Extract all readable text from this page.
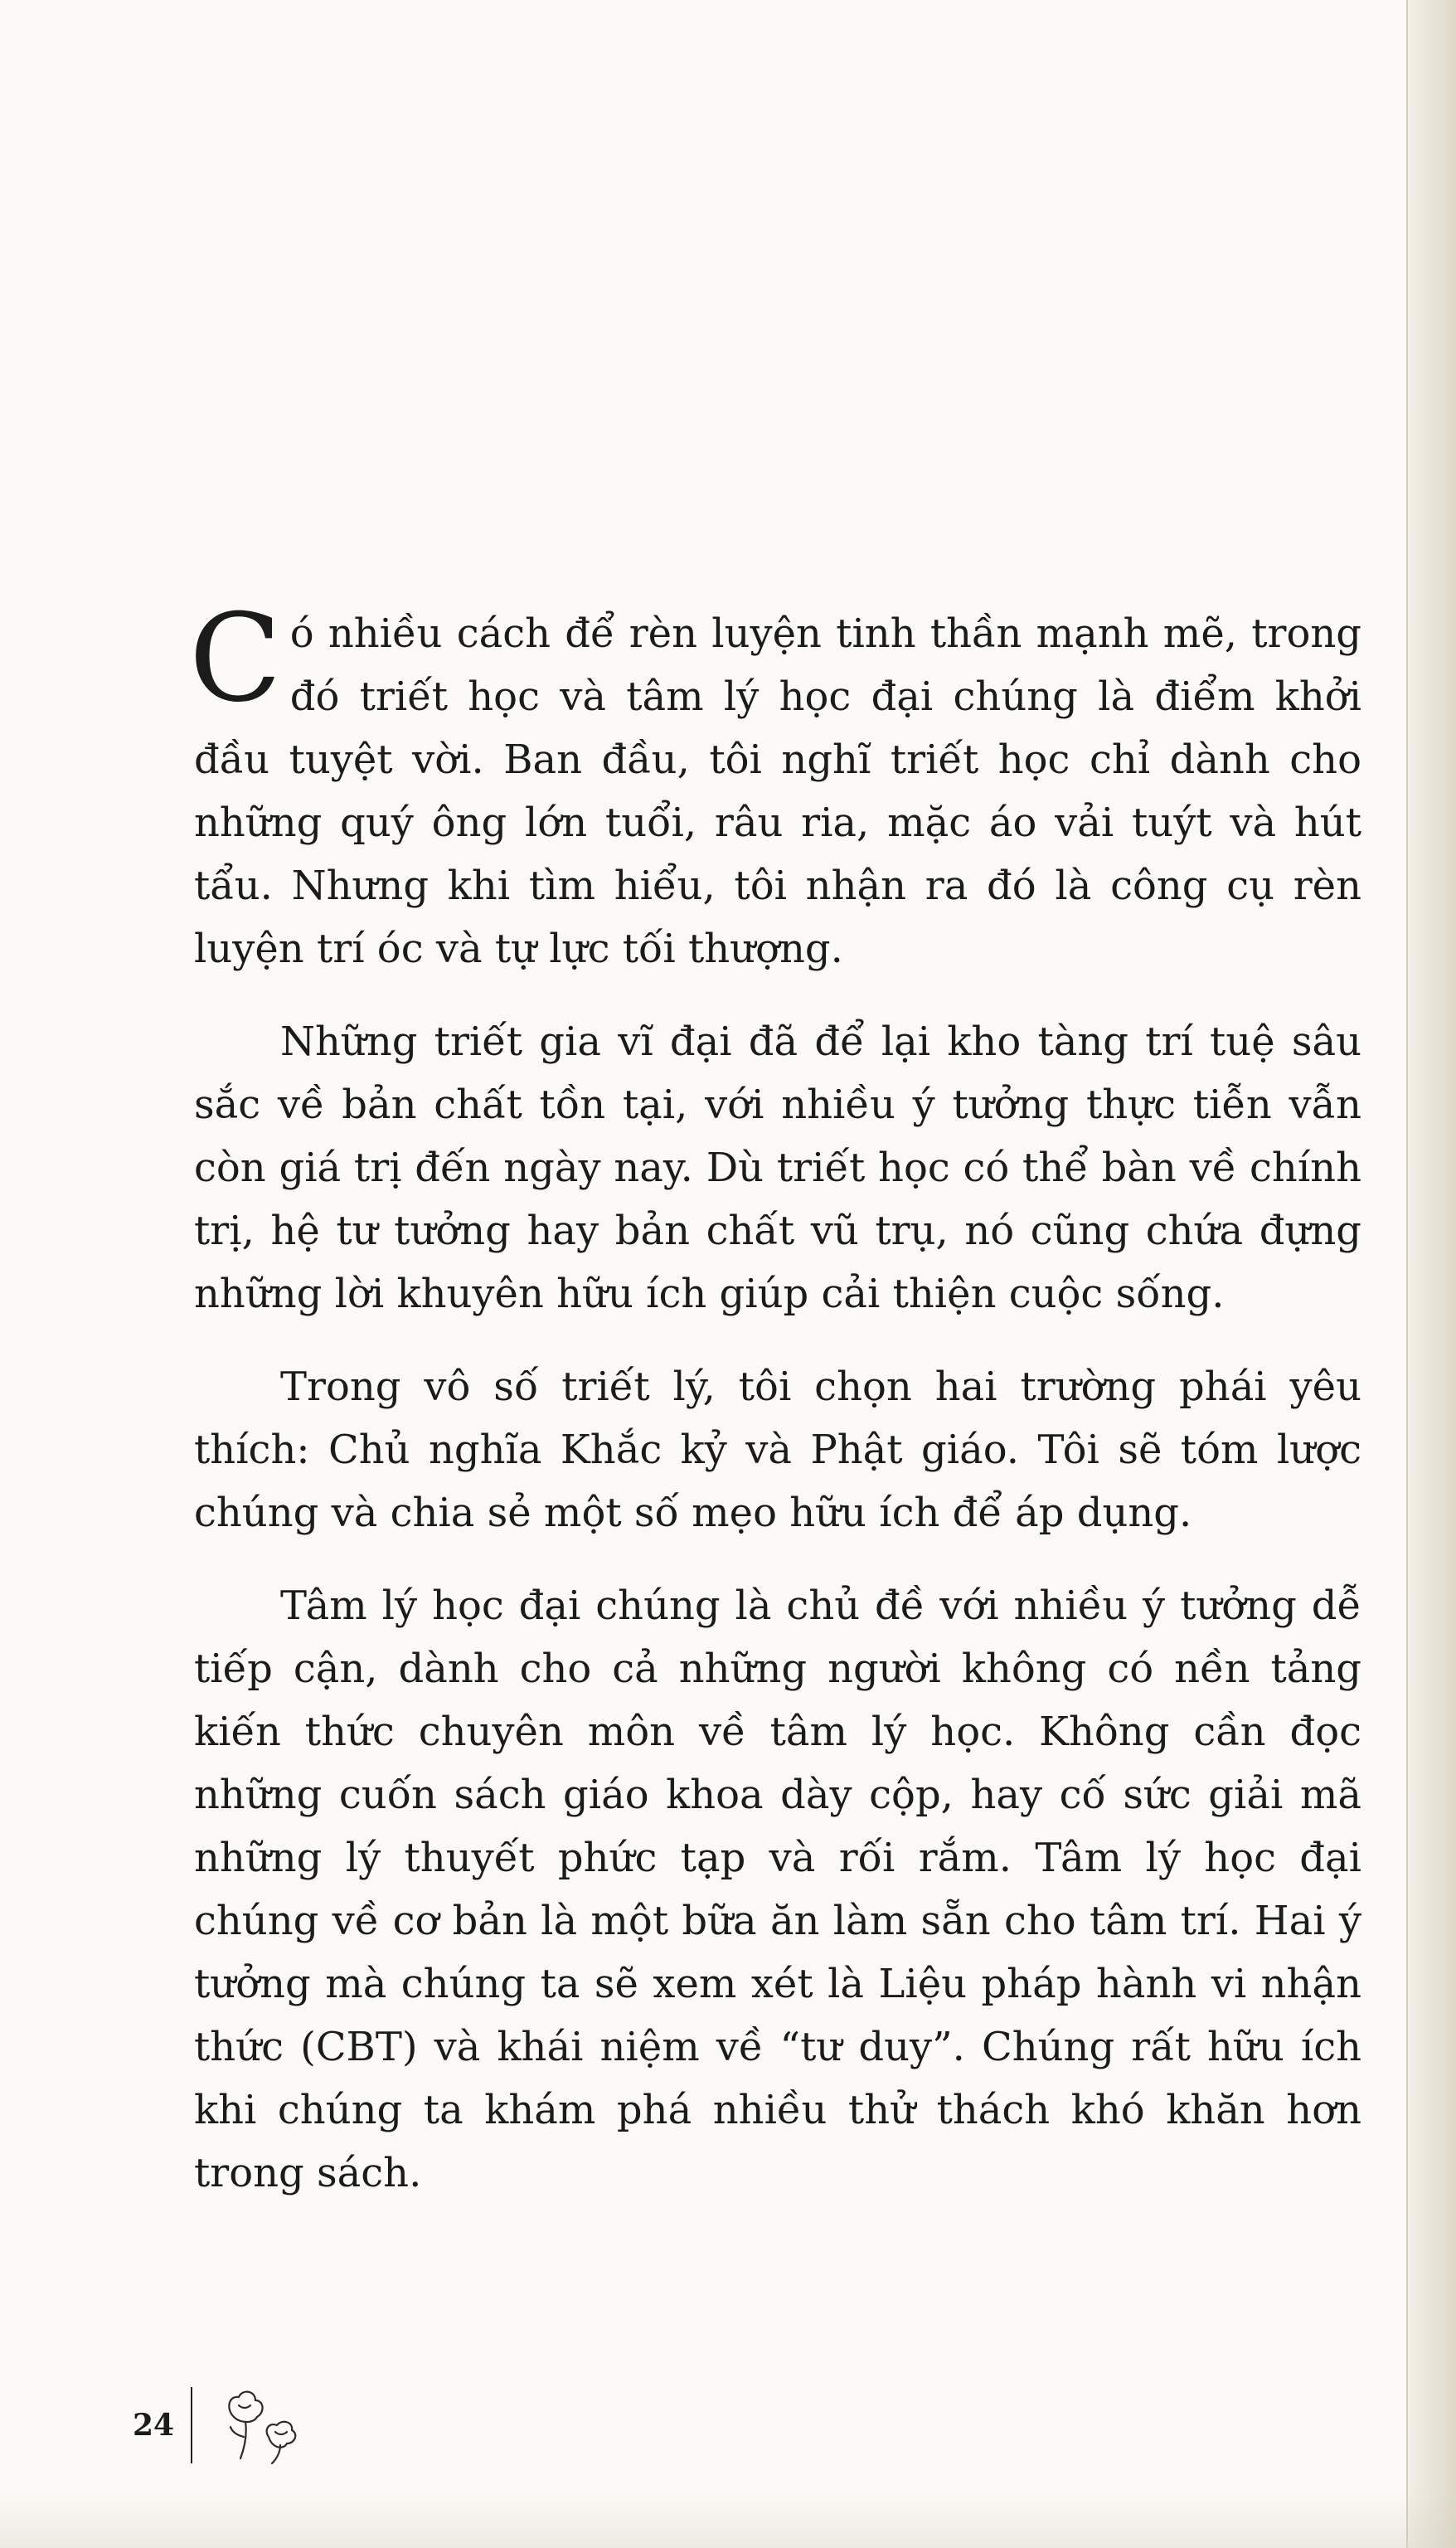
Có nhiều cách để rèn luyện tinh thần mạnh mẽ, trong đó triết học và tâm lý học đại chúng là điểm khởi đầu tuyệt vời. Ban đầu, tôi nghĩ triết học chỉ dành cho những quý ông lớn tuổi, râu ria, mặc áo vải tuýt và hút tẩu. Nhưng khi tìm hiểu, tôi nhận ra đó là công cụ rèn luyện trí óc và tự lực tối thượng.

Những triết gia vĩ đại đã để lại kho tàng trí tuệ sâu sắc về bản chất tồn tại, với nhiều ý tưởng thực tiễn vẫn còn giá trị đến ngày nay. Dù triết học có thể bàn về chính trị, hệ tư tưởng hay bản chất vũ trụ, nó cũng chứa đựng những lời khuyên hữu ích giúp cải thiện cuộc sống.

Trong vô số triết lý, tôi chọn hai trường phái yêu thích: Chủ nghĩa Khắc kỷ và Phật giáo. Tôi sẽ tóm lược chúng và chia sẻ một số mẹo hữu ích để áp dụng.

Tâm lý học đại chúng là chủ đề với nhiều ý tưởng dễ tiếp cận, dành cho cả những người không có nền tảng kiến thức chuyên môn về tâm lý học. Không cần đọc những cuốn sách giáo khoa dày cộp, hay cố sức giải mã những lý thuyết phức tạp và rối rắm. Tâm lý học đại chúng về cơ bản là một bữa ăn làm sẵn cho tâm trí. Hai ý tưởng mà chúng ta sẽ xem xét là Liệu pháp hành vi nhận thức (CBT) và khái niệm về “tư duy”. Chúng rất hữu ích khi chúng ta khám phá nhiều thử thách khó khăn hơn trong sách.

24
